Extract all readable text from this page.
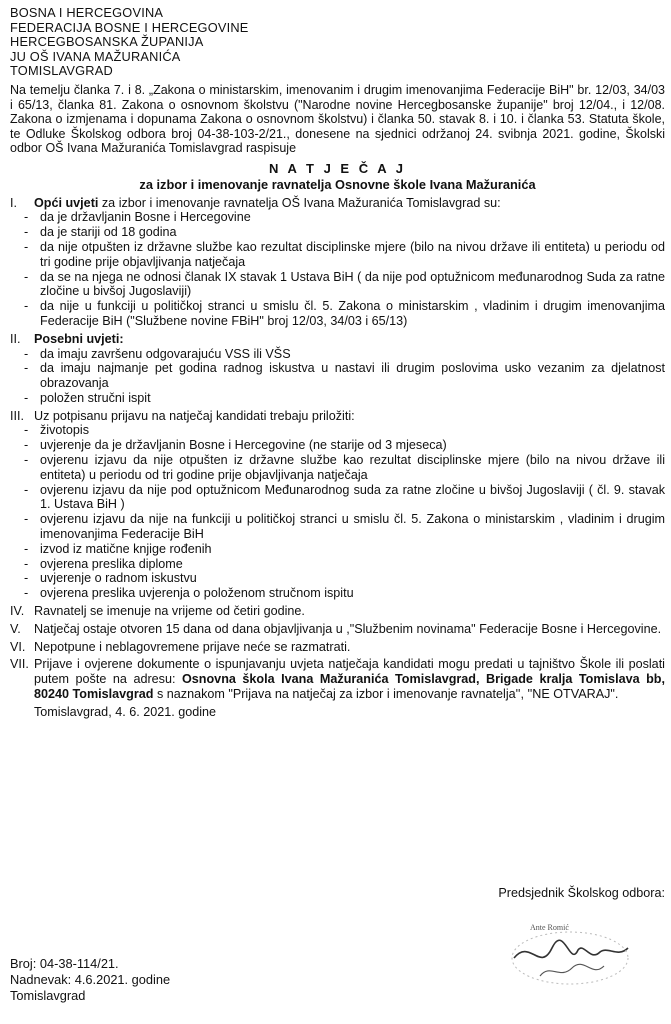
BOSNA I HERCEGOVINA
FEDERACIJA BOSNE I HERCEGOVINE
HERCEGBOSANSKA ŽUPANIJA
JU OŠ IVANA MAŽURANIĆA
TOMISLAVGRAD
Na temelju članka 7. i 8. „Zakona o ministarskim, imenovanim i drugim imenovanjima Federacije BiH" br. 12/03, 34/03 i 65/13, članka 81. Zakona o osnovnom školstvu ("Narodne novine Hercegbosanske županije" broj 12/04., i 12/08. Zakona o izmjenama i dopunama Zakona o osnovnom školstvu) i članka 50. stavak 8. i 10. i članka 53. Statuta škole, te Odluke Školskog odbora broj 04-38-103-2/21., donesene na sjednici održanoj 24. svibnja 2021. godine, Školski odbor OŠ Ivana Mažuranića Tomislavgrad raspisuje
N A T J E Č A J
za izbor i imenovanje ravnatelja Osnovne škole Ivana Mažuranića
I.	Opći uvjeti za izbor i imenovanje ravnatelja OŠ Ivana Mažuranića Tomislavgrad su:
- da je državljanin Bosne i Hercegovine
- da je stariji od 18 godina
- da nije otpušten iz državne službe kao rezultat disciplinske mjere (bilo na nivou države ili entiteta) u periodu od tri godine prije objavljivanja natječaja
- da se na njega ne odnosi članak IX stavak 1 Ustava BiH ( da nije pod optužnicom međunarodnog Suda za ratne zločine u bivšoj Jugoslaviji)
- da nije u funkciji u političkoj stranci u smislu čl. 5. Zakona o ministarskim , vladinim i drugim imenovanjima Federacije BiH ("Službene novine FBiH" broj 12/03, 34/03 i 65/13)
II.	Posebni uvjeti:
- da imaju završenu odgovarajuću VSS ili VŠS
- da imaju najmanje pet godina radnog iskustva u nastavi ili drugim poslovima usko vezanim za djelatnost obrazovanja
- položen stručni ispit
III. Uz potpisanu prijavu na natječaj kandidati trebaju priložiti:
- životopis
- uvjerenje da je državljanin Bosne i Hercegovine (ne starije od 3 mjeseca)
- ovjerenu izjavu da nije otpušten iz državne službe kao rezultat disciplinske mjere (bilo na nivou države ili entiteta) u periodu od tri godine prije objavljivanja natječaja
- ovjerenu izjavu da nije pod optužnicom Međunarodnog suda za ratne zločine u bivšoj Jugoslaviji ( čl. 9. stavak 1. Ustava BiH )
- ovjerenu izjavu da nije na funkciji u političkoj stranci u smislu čl. 5. Zakona o ministarskim , vladinim i drugim imenovanjima Federacije BiH
- izvod iz matične knjige rođenih
- ovjerena preslika diplome
- uvjerenje o radnom iskustvu
- ovjerena preslika uvjerenja o položenom stručnom ispitu
IV. Ravnatelj se imenuje na vrijeme od četiri godine.
V.	Natječaj ostaje otvoren 15 dana od dana objavljivanja u ,"Službenim novinama" Federacije Bosne i Hercegovine.
VI. Nepotpune i neblagovremene prijave neće se razmatrati.
VII. Prijave i ovjerene dokumente o ispunjavanju uvjeta natječaja kandidati mogu predati u tajništvo Škole ili poslati putem pošte na adresu: Osnovna škola Ivana Mažuranića Tomislavgrad, Brigade kralja Tomislava bb, 80240 Tomislavgrad s naznakom "Prijava na natječaj za izbor i imenovanje ravnatelja'', ''NE OTVARAJ".
Tomislavgrad, 4. 6. 2021. godine
Predsjednik Školskog odbora:
Ante Romić
Broj: 04-38-114/21.
Nadnevak: 4.6.2021. godine
Tomislavgrad
